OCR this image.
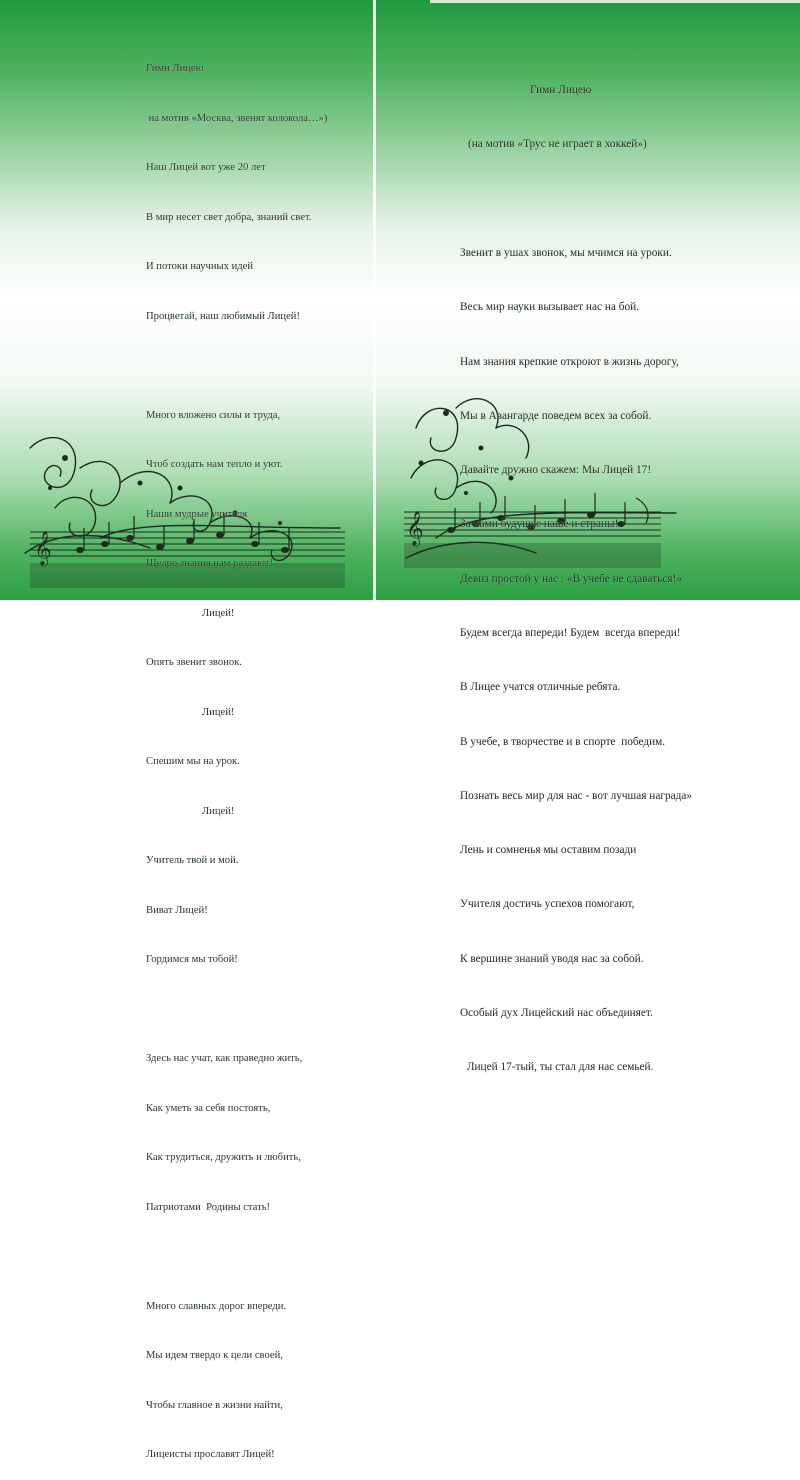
𝄞
𝄞

Гимн Лицею

на мотив «Москва, звенят колокола…»)

Наш Лицей вот уже 20 лет

В мир несет свет добра, знаний свет.

И потоки научных идей

Процветай, наш любимый Лицей!

Много вложено силы и труда,

Чтоб создать нам тепло и уют.

Наши мудрые учителя

Щедро знания нам раздают!

Лицей!

Опять звенит звонок.

Лицей!

Спешим мы на урок.

Лицей!

Учитель твой и мой.

Виват Лицей!

Гордимся мы тобой!

Здесь нас учат, как праведно жить,

Как уметь за себя постоять,

Как трудиться, дружить и любить,

Патриотами  Родины стать!

Много славных дорог впереди.

Мы идем твердо к цели своей,

Чтобы главное в жизни найти,

Лицеисты прославят Лицей!

Гимн Лицею

(на мотив «Трус не играет в хоккей»)

Звенит в ушах звонок, мы мчимся на уроки.

Весь мир науки вызывает нас на бой.

Нам знания крепкие откроют в жизнь дорогу,

Мы в Авангарде поведем всех за собой.

Давайте дружно скажем: Мы Лицей 17!

За нами будущее наше и страны!

Девиз простой у нас : «В учебе не сдаваться!»

Будем всегда впереди! Будем  всегда впереди!

В Лицее учатся отличные ребята.

В учебе, в творчестве и в спорте  победим.

Познать весь мир для нас - вот лучшая награда»

Лень и сомненья мы оставим позади

Учителя достичь успехов помогают,

К вершине знаний уводя нас за собой.

Особый дух Лицейский нас объединяет.

Лицей 17-тый, ты стал для нас семьей.
